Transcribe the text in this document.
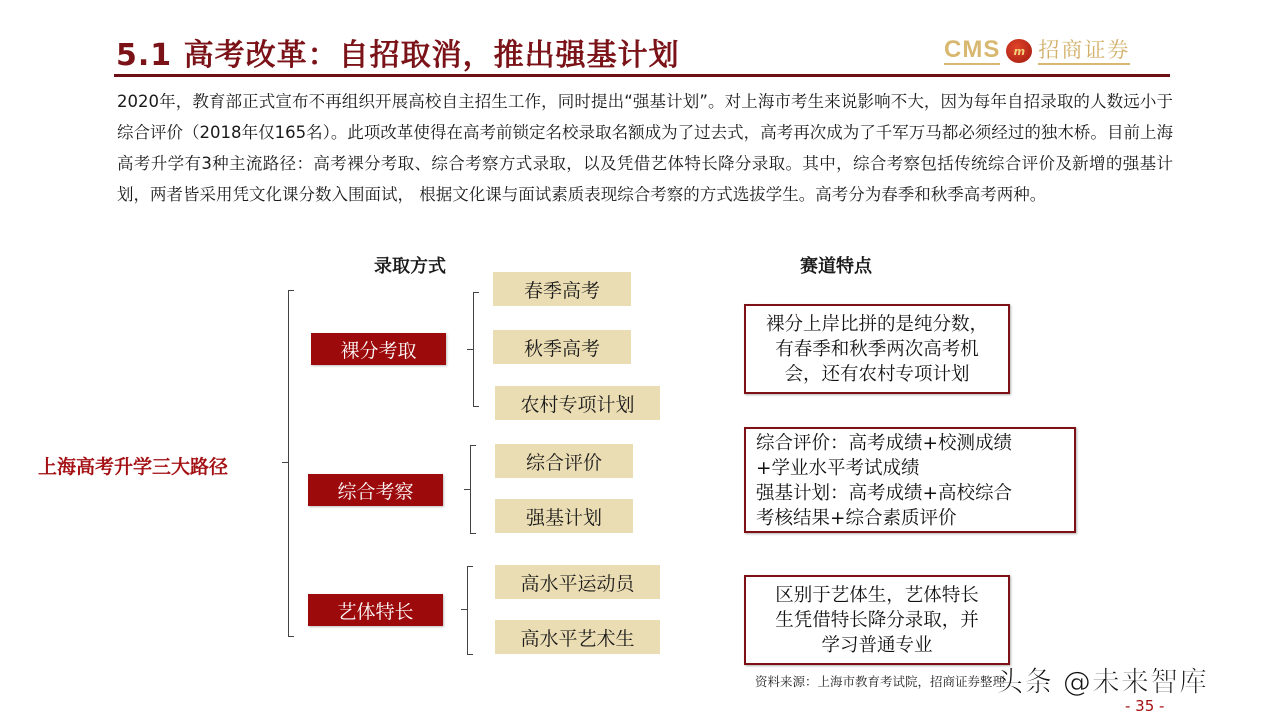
5.1 高考改革：自招取消，推出强基计划	CMS	m 招商证券
2020年，教育部正式宣布不再组织开展高校自主招生工作，同时提出“强基计划”。对上海市考生来说影响不大，因为每年自招录取的人数远小于综合评价（2018年仅165名）。此项改革使得在高考前锁定名校录取名额成为了过去式，高考再次成为了千军万马都必须经过的独木桥。目前上海高考升学有3种主流路径：高考裸分考取、综合考察方式录取，以及凭借艺体特长降分录取。其中，综合考察包括传统综合评价及新增的强基计划，两者皆采用凭文化课分数入围面试， 根据文化课与面试素质表现综合考察的方式选拔学生。高考分为春季和秋季高考两种。
录取方式	赛道特点
上海高考升学三大路径
裸分考取
春季高考
秋季高考
农村专项计划
裸分上岸比拼的是纯分数，
有春季和秋季两次高考机
会，还有农村专项计划
综合考察
综合评价
强基计划
综合评价：高考成绩+校测成绩
+学业水平考试成绩
强基计划：高考成绩+高校综合
考核结果+综合素质评价
艺体特长
高水平运动员
高水平艺术生
区别于艺体生，艺体特长
生凭借特长降分录取，并
学习普通专业
资料来源：上海市教育考试院，招商证券整理
头条 @未来智库
- 35 -
